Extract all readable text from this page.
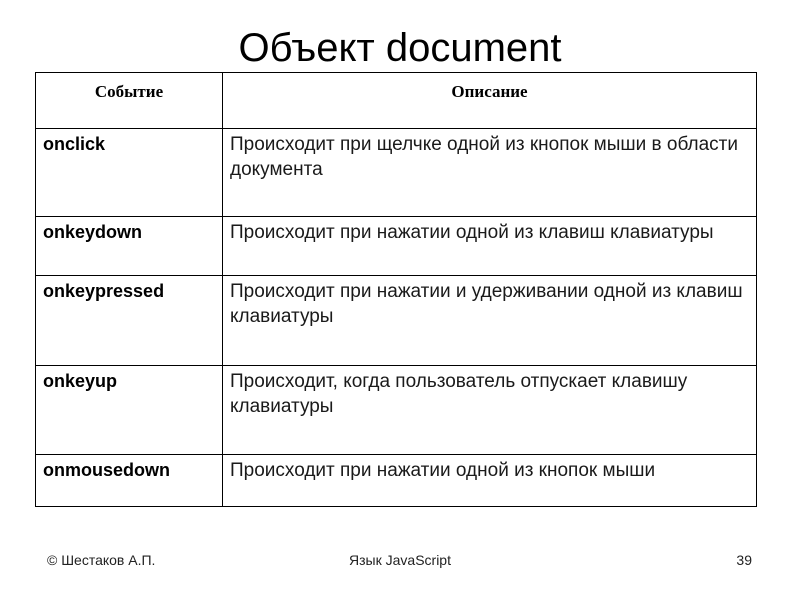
Объект document
Событие	Описание
onclick	Происходит при щелчке одной из кнопок мыши в области документа
onkeydown	Происходит при нажатии одной из клавиш клавиатуры
onkeypressed	Происходит при нажатии и удерживании одной из клавиш клавиатуры
onkeyup	Происходит, когда пользователь отпускает клавишу клавиатуры
onmousedown	Происходит при нажатии одной из кнопок мыши
© Шестаков А.П.	Язык JavaScript	39
